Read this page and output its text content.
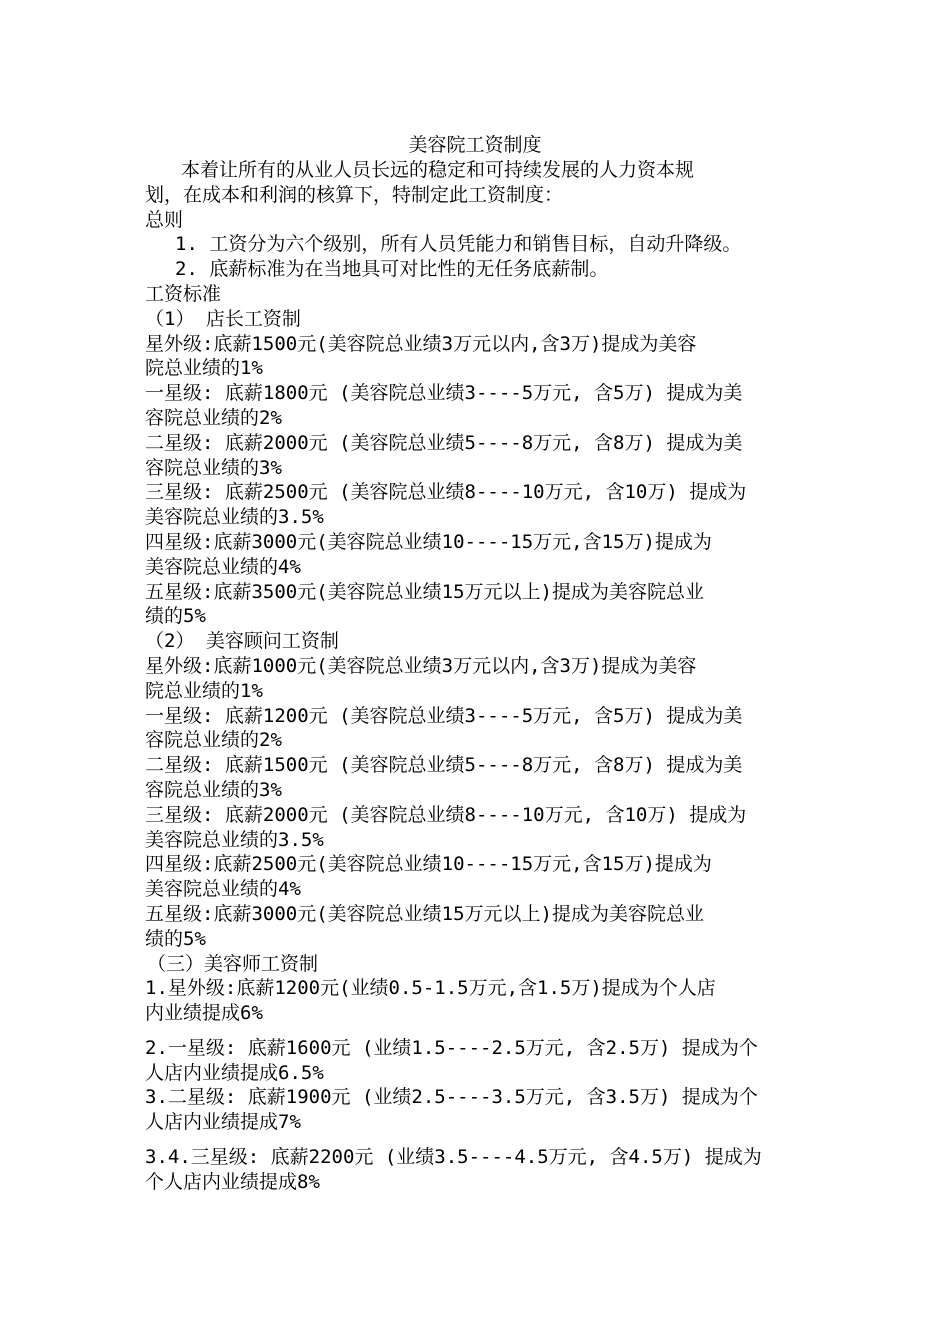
美容院工资制度
本着让所有的从业人员长远的稳定和可持续发展的人力资本规
划，在成本和利润的核算下，特制定此工资制度：
总则
1. 工资分为六个级别，所有人员凭能力和销售目标，自动升降级。
2. 底薪标准为在当地具可对比性的无任务底薪制。
工资标准
（1） 店长工资制
星外级:底薪1500元(美容院总业绩3万元以内,含3万)提成为美容
院总业绩的1%
一星级: 底薪1800元 (美容院总业绩3----5万元, 含5万) 提成为美
容院总业绩的2%
二星级: 底薪2000元 (美容院总业绩5----8万元, 含8万) 提成为美
容院总业绩的3%
三星级: 底薪2500元 (美容院总业绩8----10万元, 含10万) 提成为
美容院总业绩的3.5%
四星级:底薪3000元(美容院总业绩10----15万元,含15万)提成为
美容院总业绩的4%
五星级:底薪3500元(美容院总业绩15万元以上)提成为美容院总业
绩的5%
（2） 美容顾问工资制
星外级:底薪1000元(美容院总业绩3万元以内,含3万)提成为美容
院总业绩的1%
一星级: 底薪1200元 (美容院总业绩3----5万元, 含5万) 提成为美
容院总业绩的2%
二星级: 底薪1500元 (美容院总业绩5----8万元, 含8万) 提成为美
容院总业绩的3%
三星级: 底薪2000元 (美容院总业绩8----10万元, 含10万) 提成为
美容院总业绩的3.5%
四星级:底薪2500元(美容院总业绩10----15万元,含15万)提成为
美容院总业绩的4%
五星级:底薪3000元(美容院总业绩15万元以上)提成为美容院总业
绩的5%
（三）美容师工资制
1.星外级:底薪1200元(业绩0.5-1.5万元,含1.5万)提成为个人店
内业绩提成6%
2.一星级: 底薪1600元 (业绩1.5----2.5万元, 含2.5万) 提成为个
人店内业绩提成6.5%
3.二星级: 底薪1900元 (业绩2.5----3.5万元, 含3.5万) 提成为个
人店内业绩提成7%
3.4.三星级: 底薪2200元 (业绩3.5----4.5万元, 含4.5万) 提成为
个人店内业绩提成8%
